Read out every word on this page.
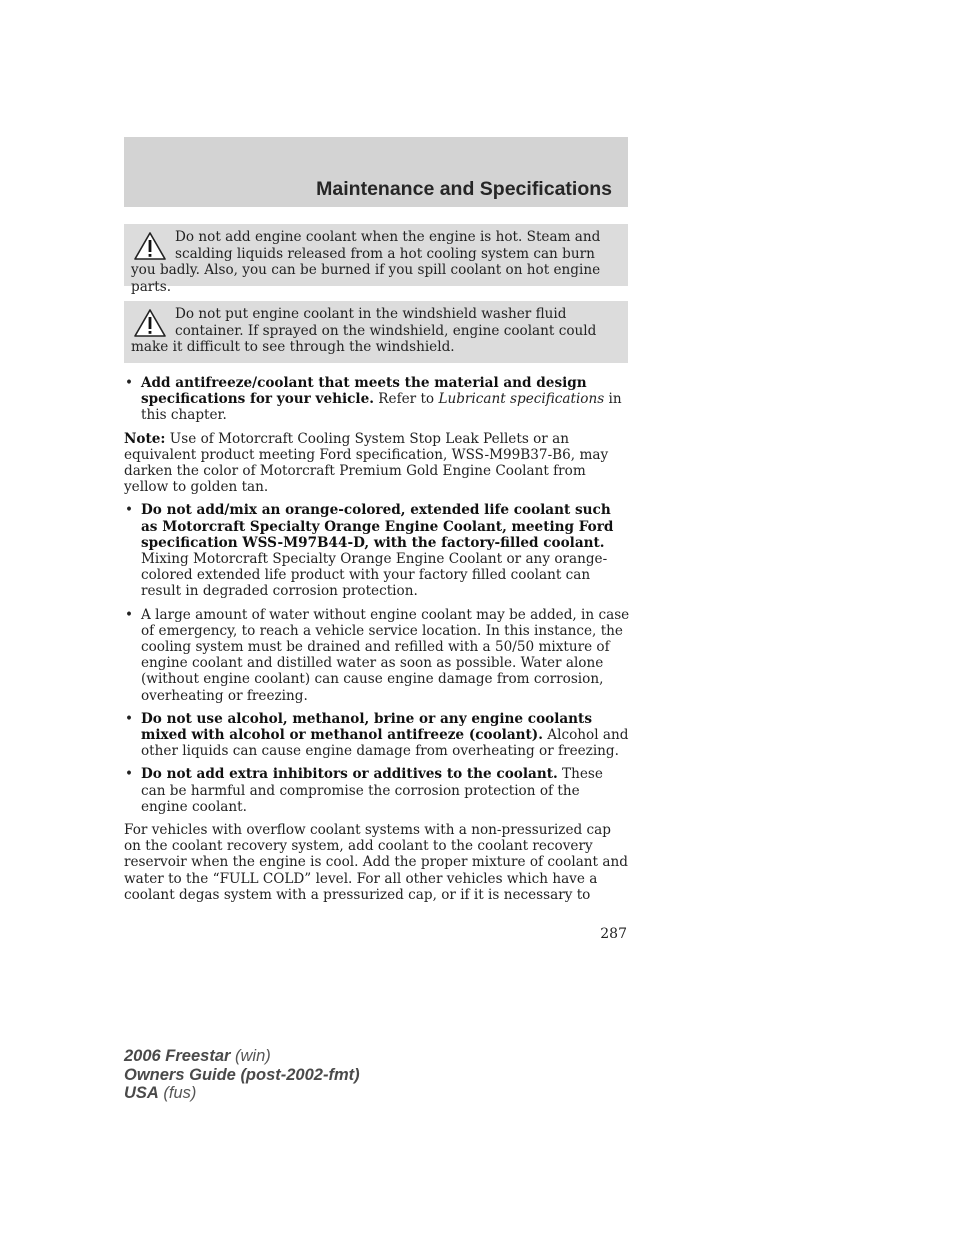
Maintenance and Specifications
Do not add engine coolant when the engine is hot. Steam and scalding liquids released from a hot cooling system can burn you badly. Also, you can be burned if you spill coolant on hot engine parts.
Do not put engine coolant in the windshield washer fluid container. If sprayed on the windshield, engine coolant could make it difficult to see through the windshield.
• Add antifreeze/coolant that meets the material and design specifications for your vehicle. Refer to Lubricant specifications in this chapter.
Note: Use of Motorcraft Cooling System Stop Leak Pellets or an equivalent product meeting Ford specification, WSS-M99B37-B6, may darken the color of Motorcraft Premium Gold Engine Coolant from yellow to golden tan.
• Do not add/mix an orange-colored, extended life coolant such as Motorcraft Specialty Orange Engine Coolant, meeting Ford specification WSS-M97B44-D, with the factory-filled coolant. Mixing Motorcraft Specialty Orange Engine Coolant or any orange-colored extended life product with your factory filled coolant can result in degraded corrosion protection.
• A large amount of water without engine coolant may be added, in case of emergency, to reach a vehicle service location. In this instance, the cooling system must be drained and refilled with a 50/50 mixture of engine coolant and distilled water as soon as possible. Water alone (without engine coolant) can cause engine damage from corrosion, overheating or freezing.
• Do not use alcohol, methanol, brine or any engine coolants mixed with alcohol or methanol antifreeze (coolant). Alcohol and other liquids can cause engine damage from overheating or freezing.
• Do not add extra inhibitors or additives to the coolant. These can be harmful and compromise the corrosion protection of the engine coolant.
For vehicles with overflow coolant systems with a non-pressurized cap on the coolant recovery system, add coolant to the coolant recovery reservoir when the engine is cool. Add the proper mixture of coolant and water to the “FULL COLD” level. For all other vehicles which have a coolant degas system with a pressurized cap, or if it is necessary to
287
2006 Freestar (win)
Owners Guide (post-2002-fmt)
USA (fus)
